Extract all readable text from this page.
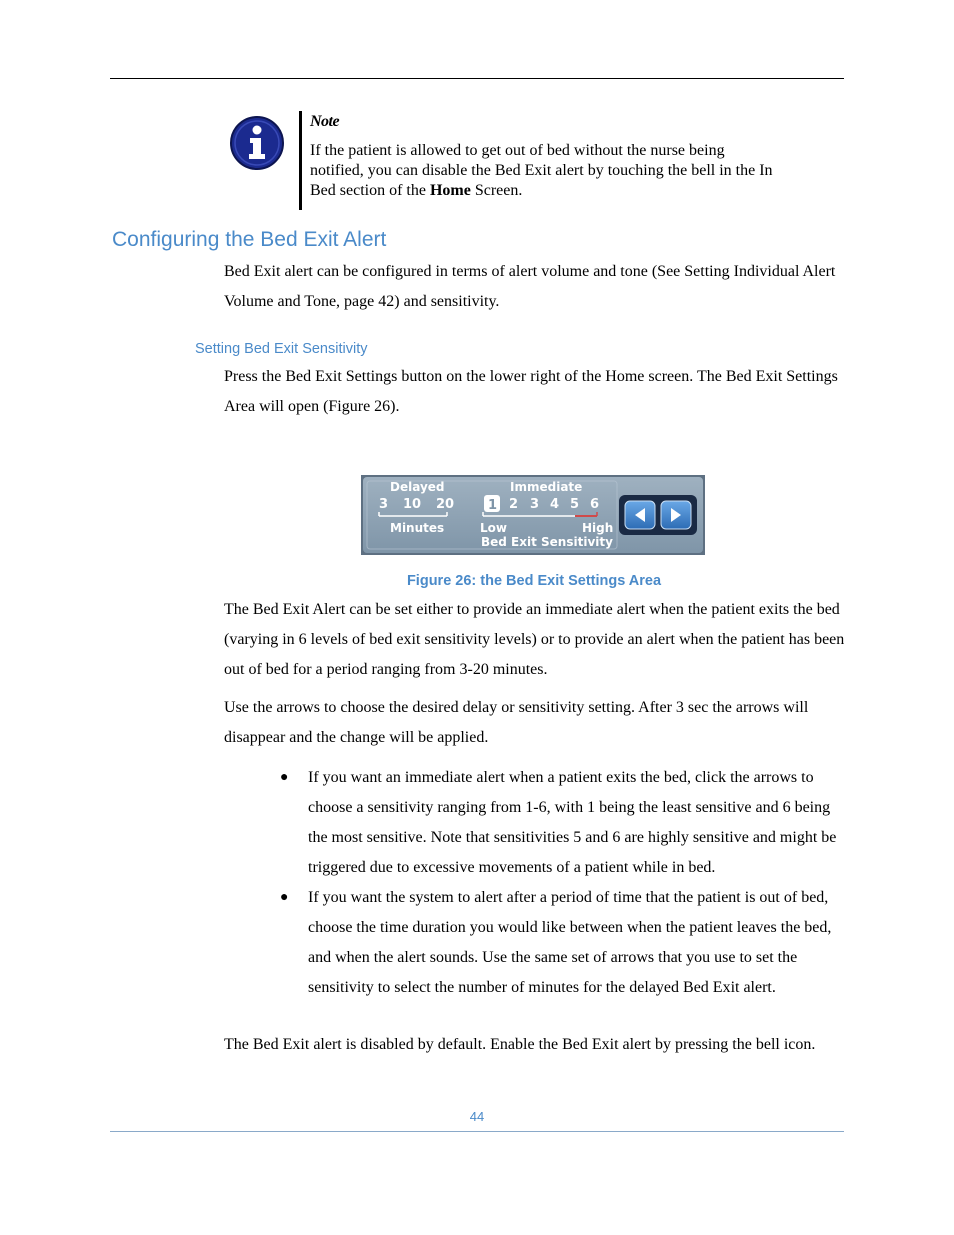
Note
If the patient is allowed to get out of bed without the nurse being notified, you can disable the Bed Exit alert by touching the bell in the In Bed section of the Home Screen.
Configuring the Bed Exit Alert
Bed Exit alert can be configured in terms of alert volume and tone (See Setting Individual Alert Volume and Tone, page 42) and sensitivity.
Setting Bed Exit Sensitivity
Press the Bed Exit Settings button on the lower right of the Home screen. The Bed Exit Settings Area will open (Figure 26).
Delayed
3 10 20
Minutes
Immediate
1 2 3 4 5 6
Low	High
Bed Exit Sensitivity
Figure 26: the Bed Exit Settings Area
The Bed Exit Alert can be set either to provide an immediate alert when the patient exits the bed (varying in 6 levels of bed exit sensitivity levels) or to provide an alert when the patient has been out of bed for a period ranging from 3-20 minutes.
Use the arrows to choose the desired delay or sensitivity setting. After 3 sec the arrows will disappear and the change will be applied.
● If you want an immediate alert when a patient exits the bed, click the arrows to choose a sensitivity ranging from 1-6, with 1 being the least sensitive and 6 being the most sensitive. Note that sensitivities 5 and 6 are highly sensitive and might be triggered due to excessive movements of a patient while in bed.
● If you want the system to alert after a period of time that the patient is out of bed, choose the time duration you would like between when the patient leaves the bed, and when the alert sounds. Use the same set of arrows that you use to set the sensitivity to select the number of minutes for the delayed Bed Exit alert.
The Bed Exit alert is disabled by default. Enable the Bed Exit alert by pressing the bell icon.
44
